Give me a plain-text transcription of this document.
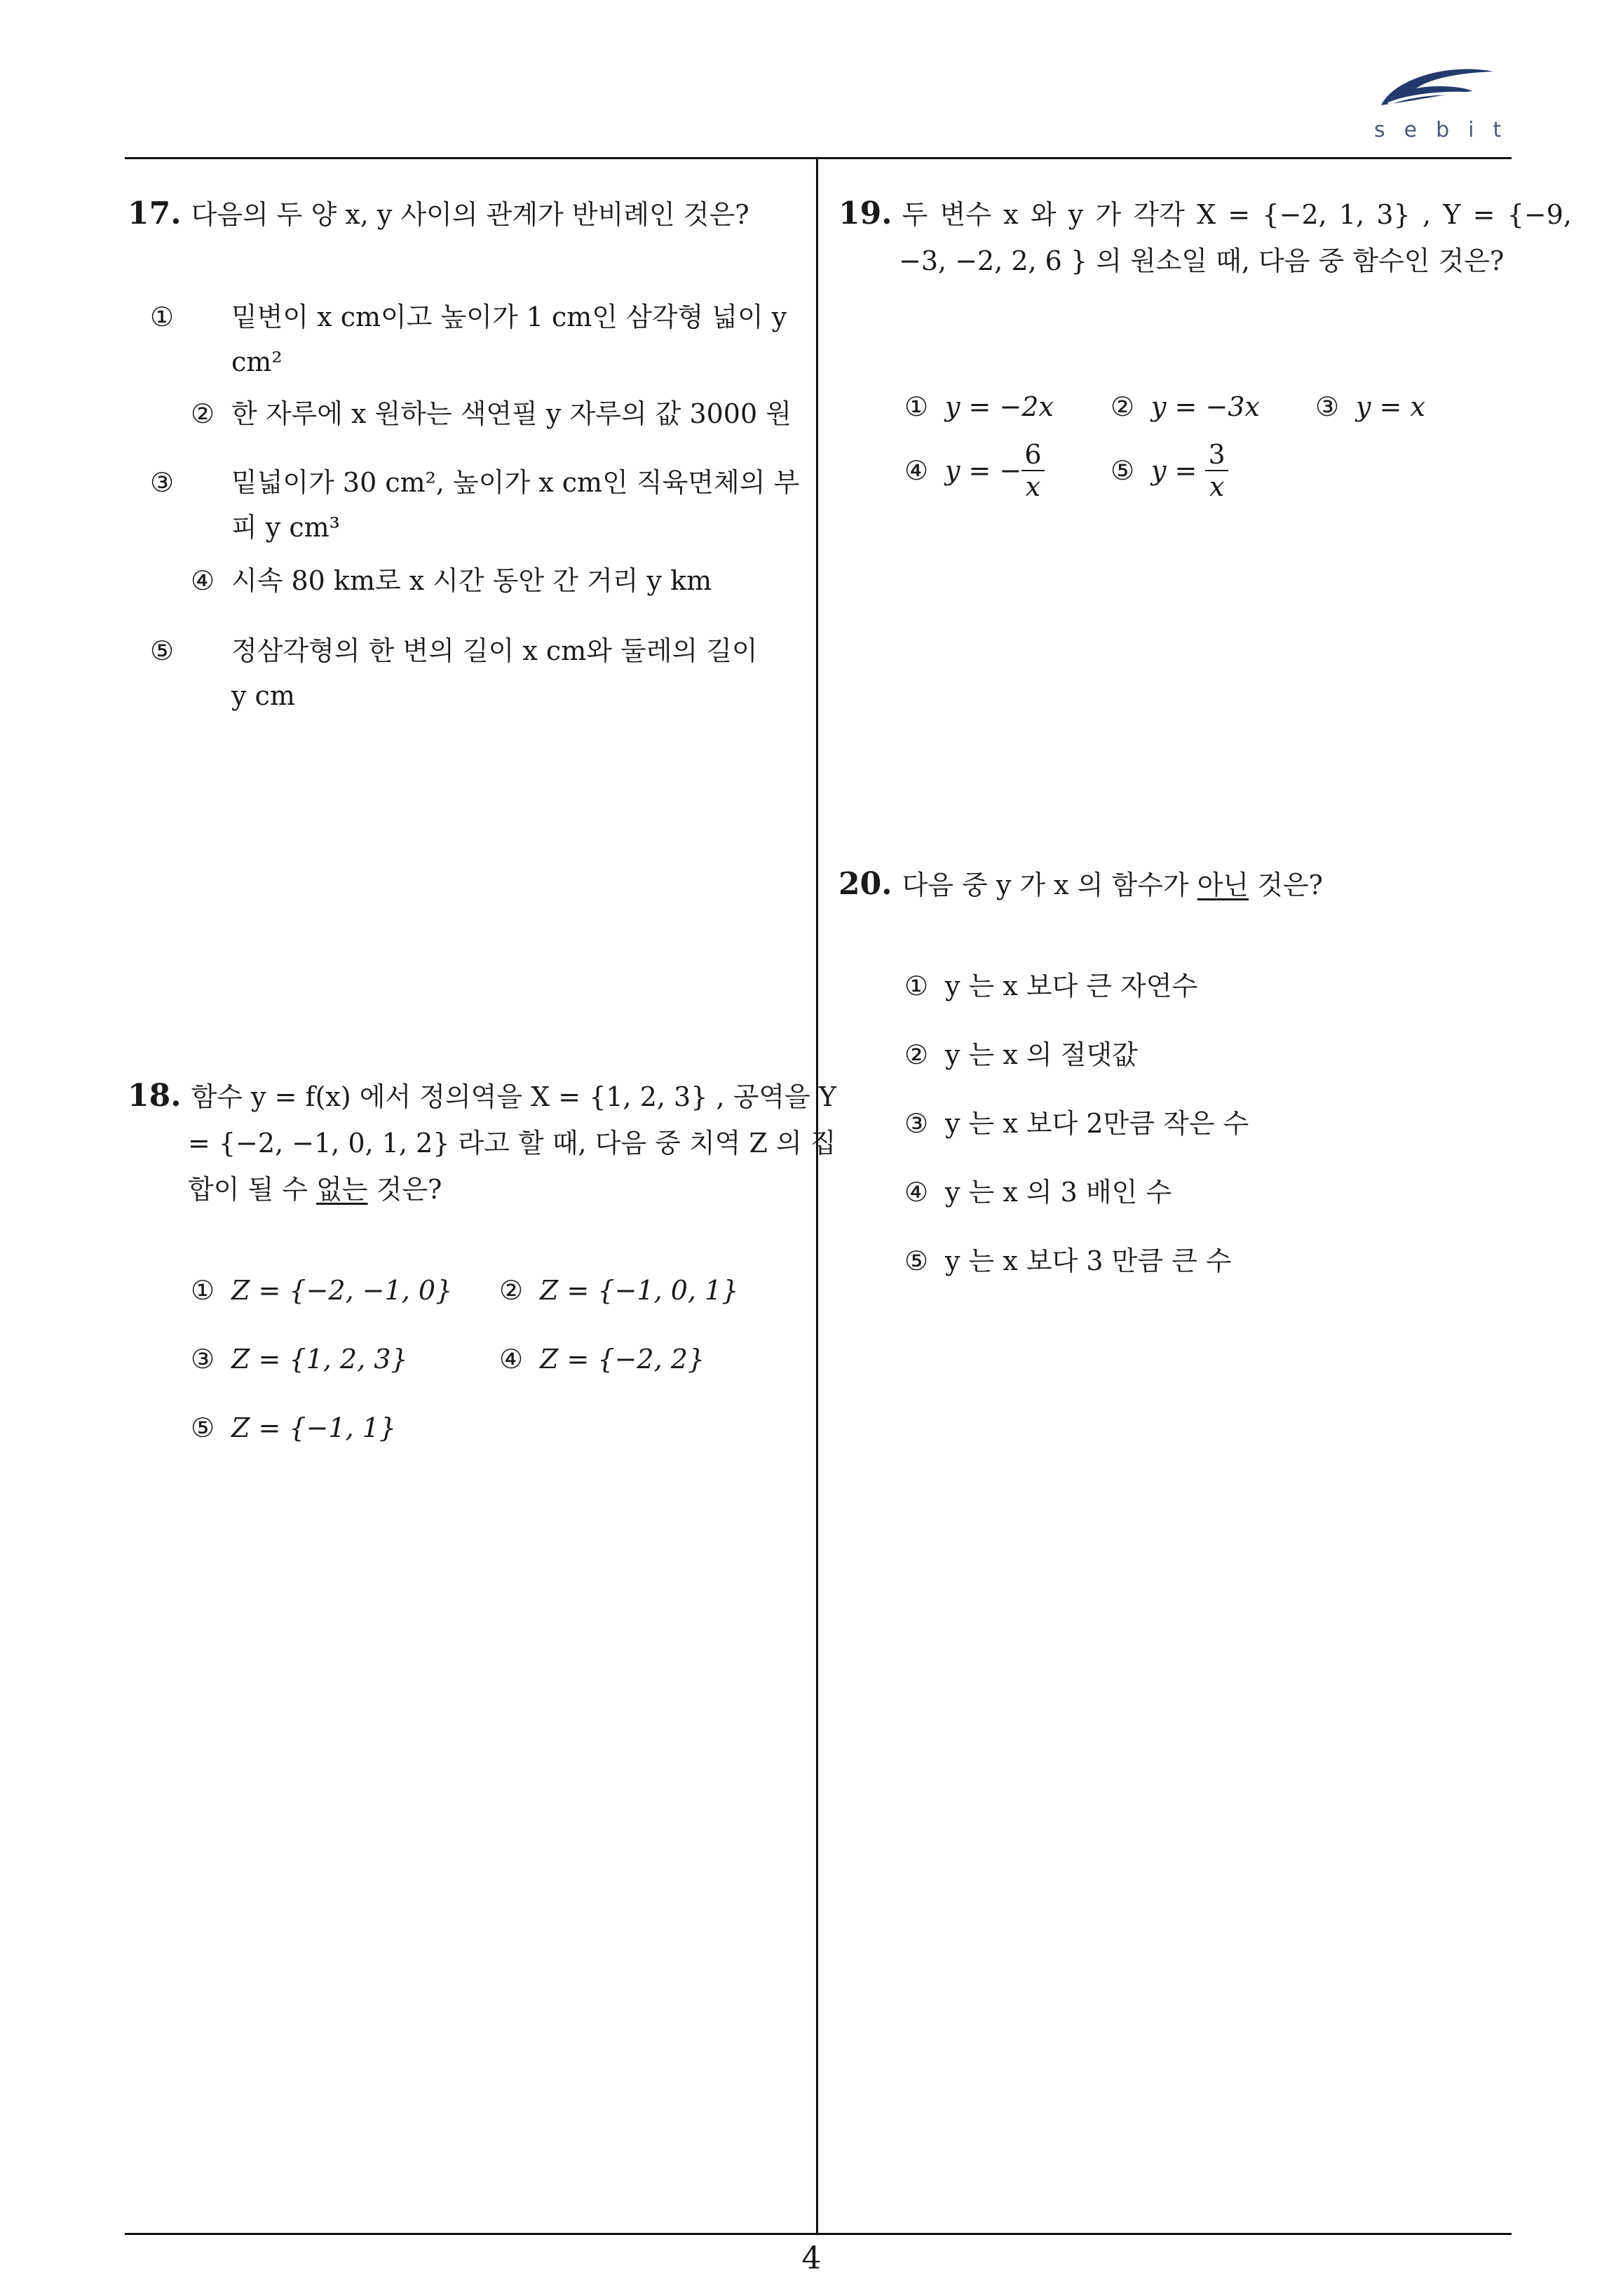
sebit
17. 다음의 두 양 x, y 사이의 관계가 반비례인 것은?
① 밑변이 x cm이고 높이가 1 cm인 삼각형 넓이 y cm²
② 한 자루에 x 원하는 색연필 y 자루의 값 3000 원
③ 밑넓이가 30 cm², 높이가 x cm인 직육면체의 부피 y cm³
④ 시속 80 km로 x 시간 동안 간 거리 y km
⑤ 정삼각형의 한 변의 길이 x cm와 둘레의 길이 y cm
18. 함수 y = f(x) 에서 정의역을 X = {1, 2, 3} , 공역을 Y = {−2, −1, 0, 1, 2} 라고 할 때, 다음 중 치역 Z 의 집합이 될 수 없는 것은?
① Z = {−2, −1, 0} ② Z = {−1, 0, 1}
③ Z = {1, 2, 3}	④ Z = {−2, 2}
⑤ Z = {−1, 1}
19. 두 변수 x 와 y 가 각각 X = {−2, 1, 3} , Y = {−9, −3, −2, 2, 6 } 의 원소일 때, 다음 중 함수인 것은?
① y = −2x ② y = −3x ③ y = x
④ y = − $\frac{6}{x}$ ⑤ $y = \frac{3}{x}$
20. 다음 중 y 가 x 의 함수가 아닌 것은?
① y 는 x 보다 큰 자연수
② y 는 x 의 절댓값
③ y 는 x 보다 2만큼 작은 수
④ y 는 x 의 3 배인 수
⑤ y 는 x 보다 3 만큼 큰 수
4
